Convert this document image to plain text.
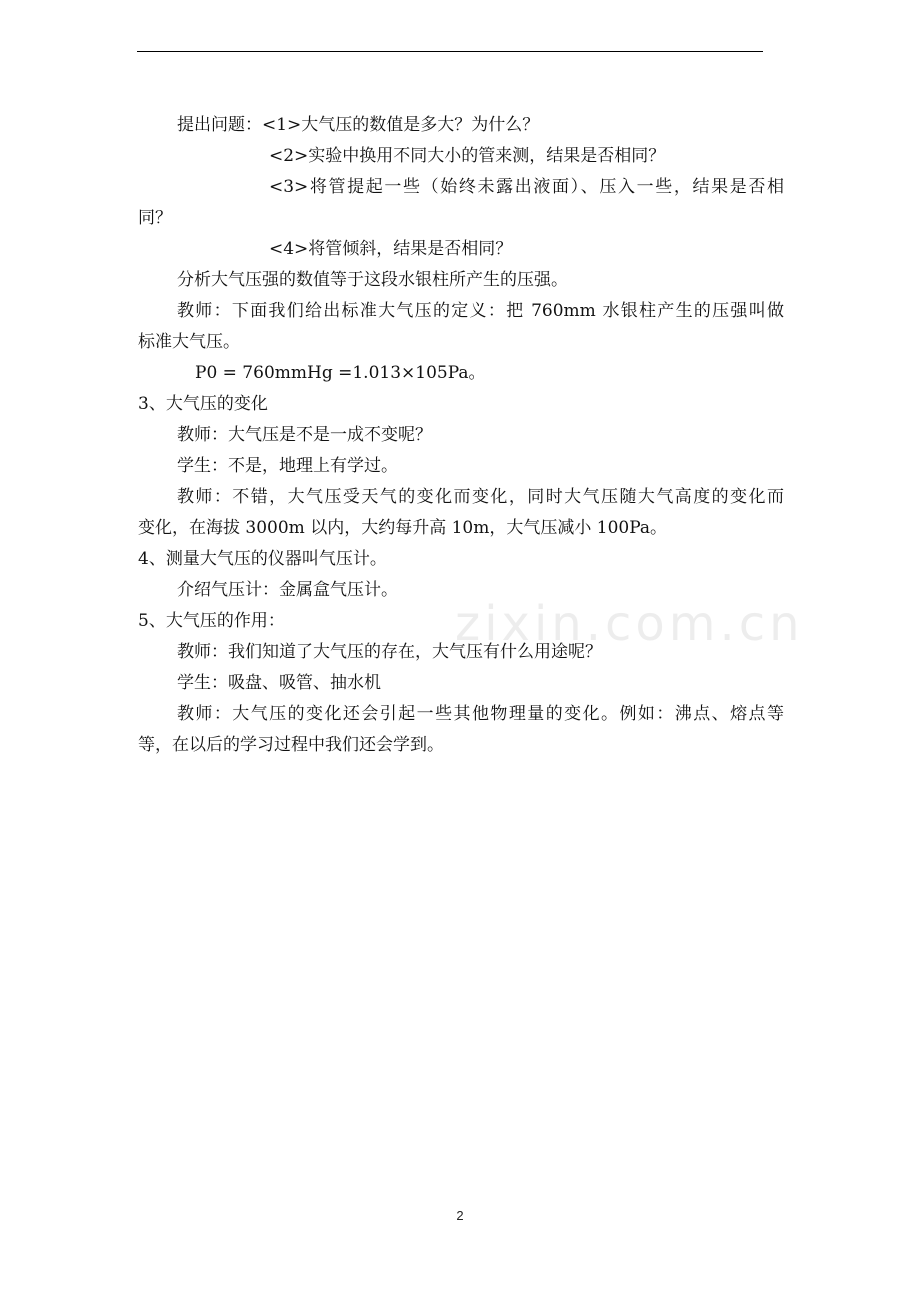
提出问题：<1>大气压的数值是多大？为什么？
<2>实验中换用不同大小的管来测，结果是否相同？
<3>将管提起一些（始终未露出液面）、压入一些，结果是否相
同？
<4>将管倾斜，结果是否相同？
分析大气压强的数值等于这段水银柱所产生的压强。
教师：下面我们给出标准大气压的定义：把 760mm 水银柱产生的压强叫做
标准大气压。
P0 = 760mmHg =1.013×105Pa。
3、大气压的变化
教师：大气压是不是一成不变呢？
学生：不是，地理上有学过。
教师：不错，大气压受天气的变化而变化，同时大气压随大气高度的变化而
变化，在海拔 3000m 以内，大约每升高 10m，大气压减小 100Pa。
4、测量大气压的仪器叫气压计。
介绍气压计：金属盒气压计。
5、大气压的作用：
教师：我们知道了大气压的存在，大气压有什么用途呢？
学生：吸盘、吸管、抽水机
教师：大气压的变化还会引起一些其他物理量的变化。例如：沸点、熔点等
等，在以后的学习过程中我们还会学到。
zixin.com.cn
2
